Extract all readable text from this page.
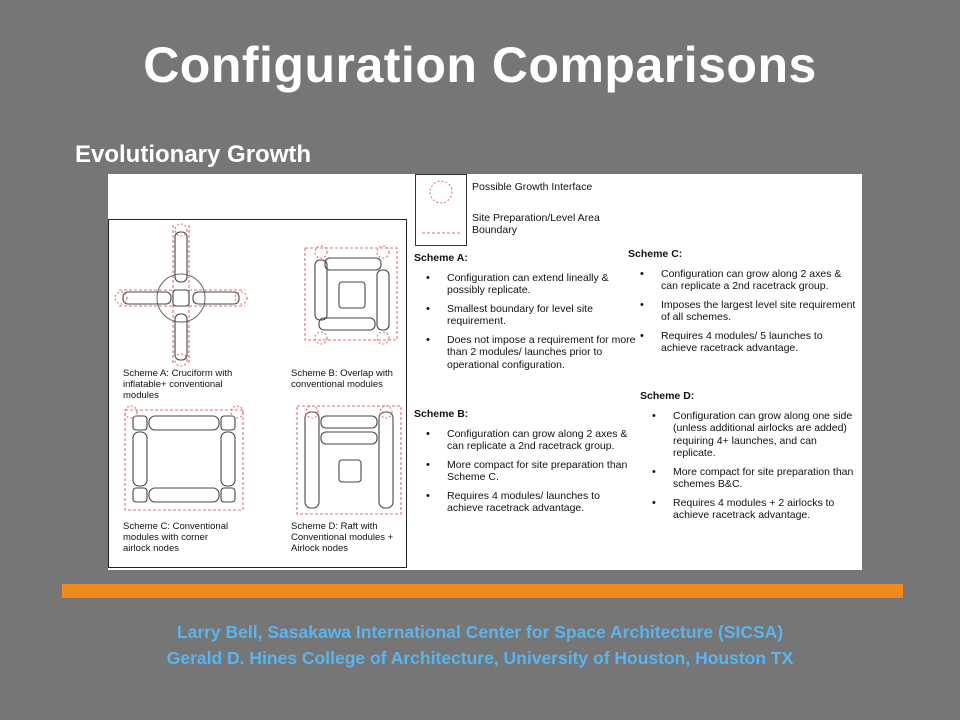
Configuration Comparisons
Evolutionary Growth
Scheme A: Cruciform with
inflatable+ conventional
modules
Scheme B: Overlap with
conventional modules
Scheme C: Conventional
modules with corner
airlock nodes
Scheme D: Raft with
Conventional modules +
Airlock nodes
Possible Growth Interface
Site Preparation/Level Area
Boundary
Scheme A:
• Configuration can extend lineally & possibly replicate.
• Smallest boundary for level site requirement.
• Does not impose a requirement for more than 2 modules/ launches prior to operational configuration.
Scheme B:
• Configuration can grow along 2 axes & can replicate a 2nd racetrack group.
• More compact for site preparation than Scheme C.
• Requires 4 modules/ launches to achieve racetrack advantage.
Scheme C:
• Configuration can grow along 2 axes & can replicate a 2nd racetrack group.
• Imposes the largest level site requirement of all schemes.
• Requires 4 modules/ 5 launches to achieve racetrack advantage.
Scheme D:
• Configuration can grow along one side (unless additional airlocks are added) requiring 4+ launches, and can replicate.
• More compact for site preparation than schemes B&C.
• Requires 4 modules + 2 airlocks to achieve racetrack advantage.
Larry Bell, Sasakawa International Center for Space Architecture (SICSA)
Gerald D. Hines College of Architecture, University of Houston, Houston TX
